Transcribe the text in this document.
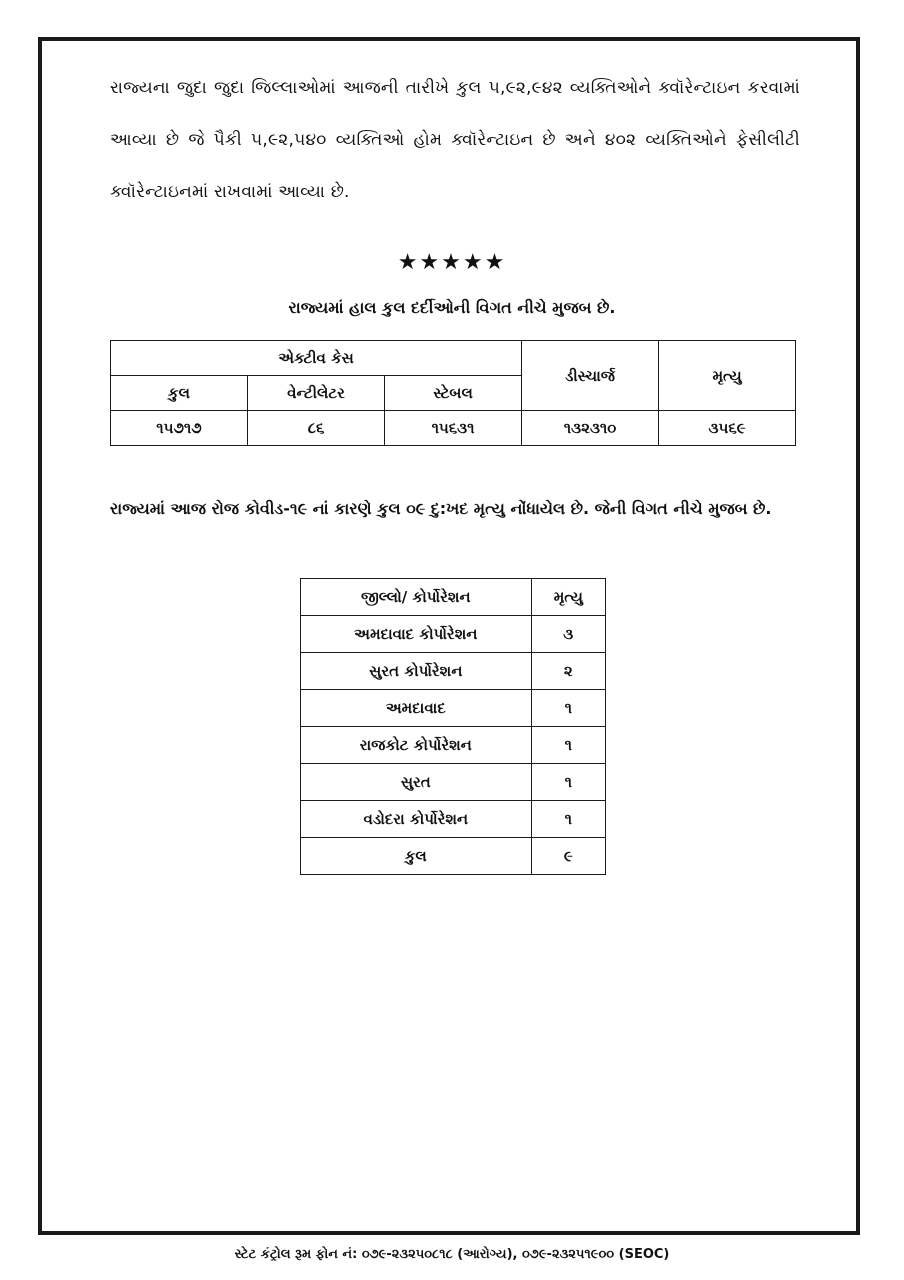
રાજ્યના જુદા જુદા જિલ્લાઓમાં આજની તારીખે કુલ ૫,૯૨,૯૪૨ વ્યક્તિઓને ક્વૉરેન્ટાઇન કરવામાં આવ્યા છે જે પૈકી ૫,૯૨,૫૪૦ વ્યક્તિઓ હોમ ક્વૉરેન્ટાઇન છે અને ૪૦૨ વ્યક્તિઓને ફેસીલીટી ક્વૉરેન્ટાઇનમાં રાખવામાં આવ્યા છે.

★★★★★
રાજ્યમાં હાલ કુલ દર્દીઓની વિગત નીચે મુજબ છે.
એક્ટીવ કેસ			ડીસ્ચાર્જ	મૃત્યુ
કુલ	વેન્ટીલેટર	સ્ટેબલ		
૧૫૭૧૭	૮૬	૧૫૬૩૧	૧૩૨૩૧૦	૩૫૬૯

રાજ્યમાં આજ રોજ કોવીડ-૧૯ નાં કારણે કુલ ૦૯ દુ:ખદ મૃત્યુ નોંધાયેલ છે. જેની વિગત નીચે મુજબ છે.

જીલ્લો/ કોર્પોરેશન	મૃત્યુ
અમદાવાદ કોર્પોરેશન	૩
સુરત કોર્પોરેશન	૨
અમદાવાદ	૧
રાજકોટ કોર્પોરેશન	૧
સુરત	૧
વડોદરા કોર્પોરેશન	૧
કુલ	૯
સ્ટેટ કંટ્રોલ રૂમ ફોન નં: ૦૭૯-૨૩૨૫૦૮૧૮ (આરોગ્ય), ૦૭૯-૨૩૨૫૧૯૦૦ (SEOC)
